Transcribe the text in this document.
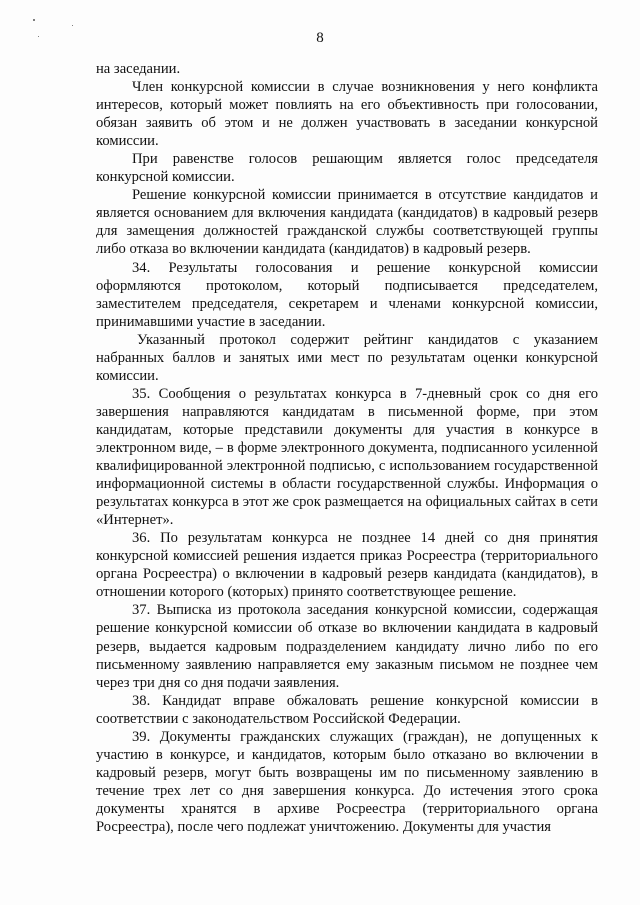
8

на заседании.

Член конкурсной комиссии в случае возникновения у него конфликта интересов, который может повлиять на его объективность при голосовании, обязан заявить об этом и не должен участвовать в заседании конкурсной комиссии.

При равенстве голосов решающим является голос председателя конкурсной комиссии.

Решение конкурсной комиссии принимается в отсутствие кандидатов и является основанием для включения кандидата (кандидатов) в кадровый резерв для замещения должностей гражданской службы соответствующей группы либо отказа во включении кандидата (кандидатов) в кадровый резерв.

34. Результаты голосования и решение конкурсной комиссии оформляются протоколом, который подписывается председателем, заместителем председателя, секретарем и членами конкурсной комиссии, принимавшими участие в заседании.

Указанный протокол содержит рейтинг кандидатов с указанием набранных баллов и занятых ими мест по результатам оценки конкурсной комиссии.

35. Сообщения о результатах конкурса в 7-дневный срок со дня его завершения направляются кандидатам в письменной форме, при этом кандидатам, которые представили документы для участия в конкурсе в электронном виде, – в форме электронного документа, подписанного усиленной квалифицированной электронной подписью, с использованием государственной информационной системы в области государственной службы. Информация о результатах конкурса в этот же срок размещается на официальных сайтах в сети «Интернет».

36. По результатам конкурса не позднее 14 дней со дня принятия конкурсной комиссией решения издается приказ Росреестра (территориального органа Росреестра) о включении в кадровый резерв кандидата (кандидатов), в отношении которого (которых) принято соответствующее решение.

37. Выписка из протокола заседания конкурсной комиссии, содержащая решение конкурсной комиссии об отказе во включении кандидата в кадровый резерв, выдается кадровым подразделением кандидату лично либо по его письменному заявлению направляется ему заказным письмом не позднее чем через три дня со дня подачи заявления.

38. Кандидат вправе обжаловать решение конкурсной комиссии в соответствии с законодательством Российской Федерации.

39. Документы гражданских служащих (граждан), не допущенных к участию в конкурсе, и кандидатов, которым было отказано во включении в кадровый резерв, могут быть возвращены им по письменному заявлению в течение трех лет со дня завершения конкурса. До истечения этого срока документы хранятся в архиве Росреестра (территориального органа Росреестра), после чего подлежат уничтожению. Документы для участия
